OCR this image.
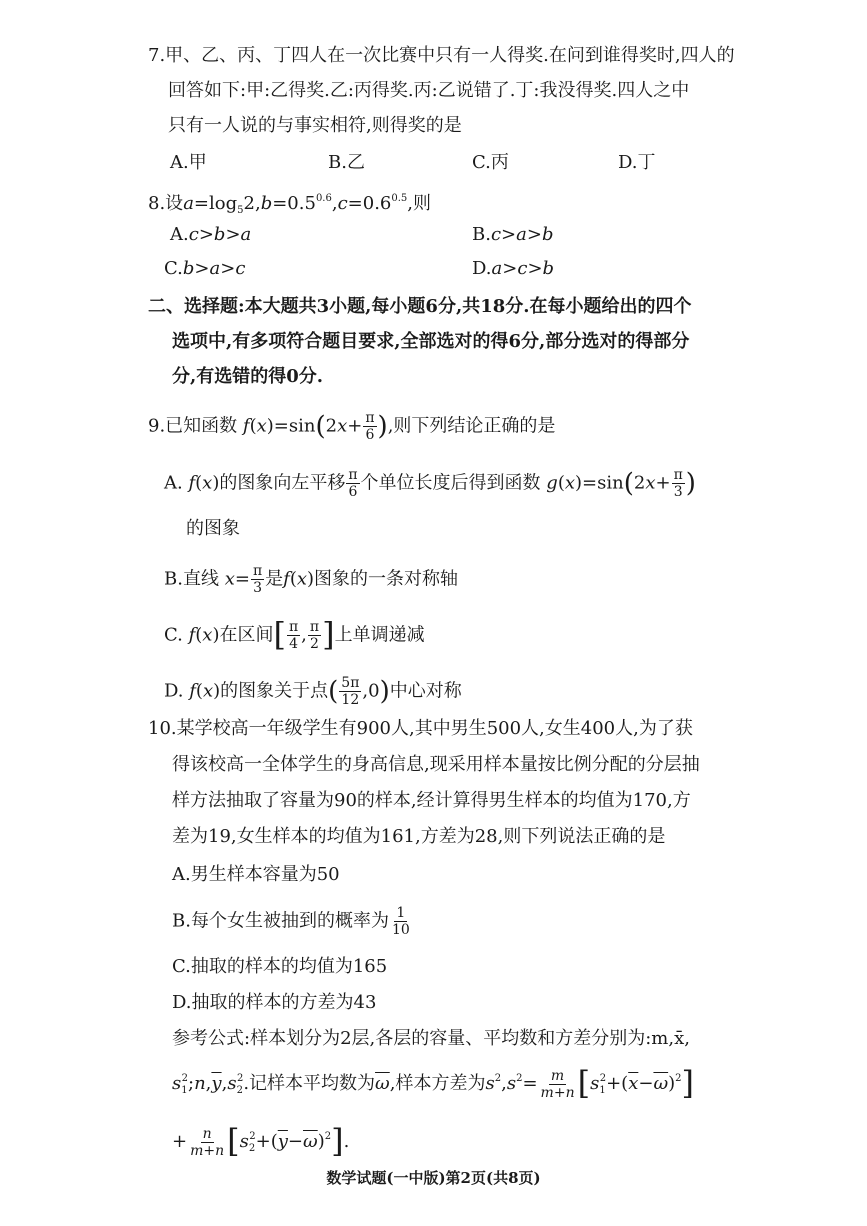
7.甲、乙、丙、丁四人在一次比赛中只有一人得奖.在问到谁得奖时,四人的
回答如下:甲:乙得奖.乙:丙得奖.丙:乙说错了.丁:我没得奖.四人之中
只有一人说的与事实相符,则得奖的是
A.甲	B.乙	C.丙	D.丁
8.设$a=\log_52,b=0.5^{0.6},c=0.6^{0.5}$,则
A.c>b>a	B.c>a>b
C.b>a>c	D.a>c>b
二、选择题:本大题共3小题,每小题6分,共18分.在每小题给出的四个
选项中,有多项符合题目要求,全部选对的得6分,部分选对的得部分
分,有选错的得0分.
9.已知函数 $f(x)=\sin(2x+ \frac{\pi}{6}$ ),则下列结论正确的是
A. f(x)的图象向左平移 $\frac{\pi}{6}$ 个单位长度后得到函数 $g(x)=\sin(2x+ \frac{\pi}{3}$ )
的图象
B.直线 $x= \frac{\pi}{3}$ 是f(x)图象的一条对称轴
C. f(x)在区间[ $\frac{\pi}{4}$ , $\frac{\pi}{2}$ ]上单调递减
D. f(x)的图象关于点( $\frac{5\pi}{12} ,0$)中心对称
10.某学校高一年级学生有900人,其中男生500人,女生400人,为了获
得该校高一全体学生的身高信息,现采用样本量按比例分配的分层抽
样方法抽取了容量为90的样本,经计算得男生样本的均值为170,方
差为19,女生样本的均值为161,方差为28,则下列说法正确的是
A.男生样本容量为50
B.每个女生被抽到的概率为 $\frac{1}{10}$
C.抽取的样本的均值为165
D.抽取的样本的方差为43
参考公式:样本划分为2层,各层的容量、平均数和方差分别为:m,x̄,
$s_1^2;n,\overline{y},s_2^2$.记样本平均数为$\overline{\omega}$,样本方差为$s^2,s^2= \frac{m}{m+n} [s_1^2+(\overline{x}-\overline{\omega})^2]$
+ $\frac{n}{m+n} [s_2^2+(\overline{y}-\overline{\omega})^2]$.
数学试题(一中版)第2页(共8页)
